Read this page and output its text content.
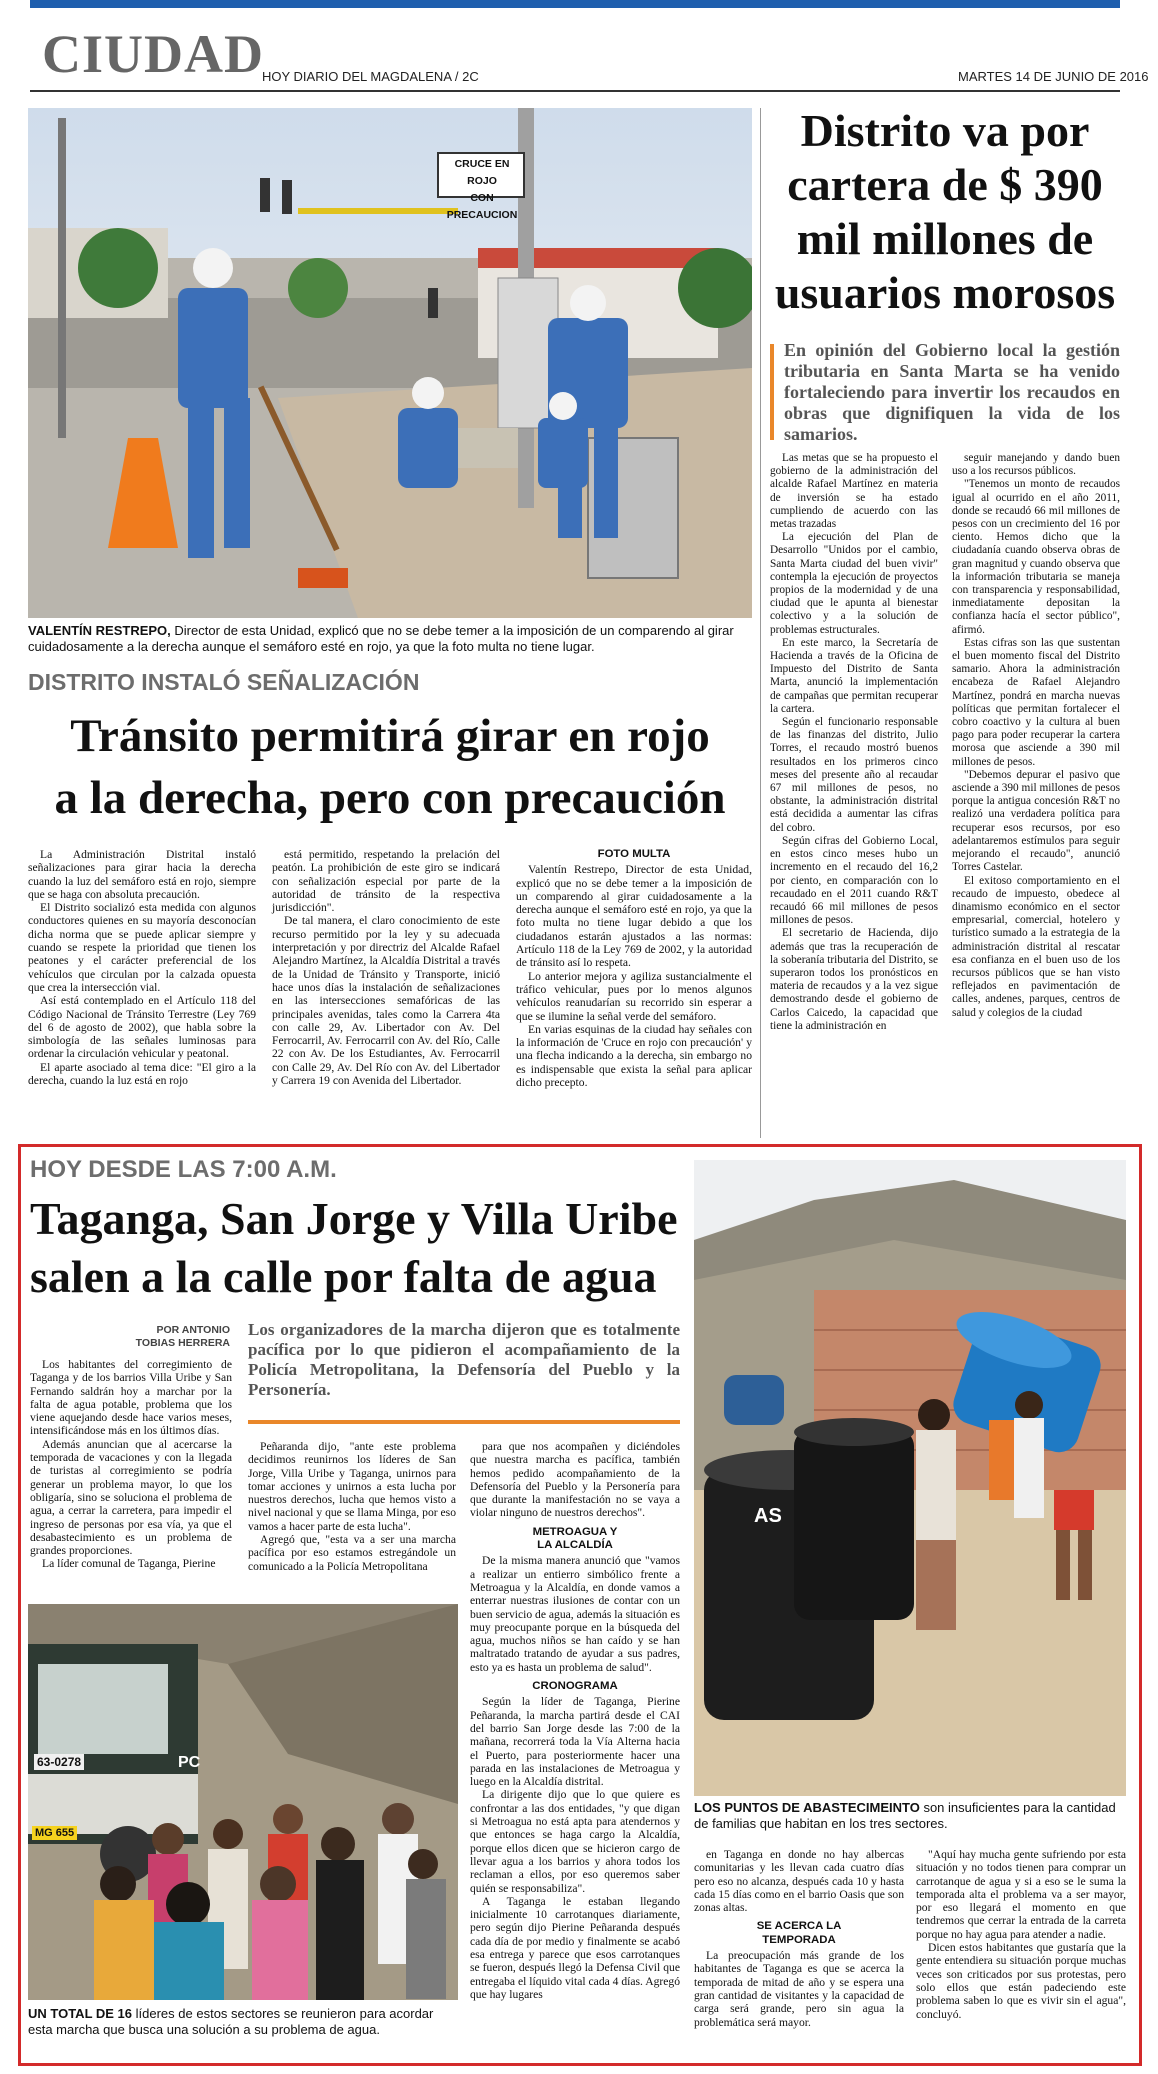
CIUDAD
HOY DIARIO DEL MAGDALENA / 2C	MARTES 14 DE JUNIO DE 2016
CRUCE EN ROJO
CON PRECAUCION
VALENTÍN RESTREPO, Director de esta Unidad, explicó que no se debe temer a la imposición de un comparendo al girar cuidadosamente a la derecha aunque el semáforo esté en rojo, ya que la foto multa no tiene lugar.
DISTRITO INSTALÓ SEÑALIZACIÓN
Tránsito permitirá girar en rojo
a la derecha, pero con precaución

La Administración Distrital instaló señalizaciones para girar hacia la derecha cuando la luz del semáforo está en rojo, siempre que se haga con absoluta precaución.

El Distrito socializó esta medida con algunos conductores quienes en su mayoría desconocían dicha norma que se puede aplicar siempre y cuando se respete la prioridad que tienen los peatones y el carácter preferencial de los vehículos que circulan por la calzada opuesta que crea la intersección vial.

Así está contemplado en el Artículo 118 del Código Nacional de Tránsito Terrestre (Ley 769 del 6 de agosto de 2002), que habla sobre la simbología de las señales luminosas para ordenar la circulación vehicular y peatonal.

El aparte asociado al tema dice: "El giro a la derecha, cuando la luz está en rojo

está permitido, respetando la prelación del peatón. La prohibición de este giro se indicará con señalización especial por parte de la autoridad de tránsito de la respectiva jurisdicción".

De tal manera, el claro conocimiento de este recurso permitido por la ley y su adecuada interpretación y por directriz del Alcalde Rafael Alejandro Martínez, la Alcaldía Distrital a través de la Unidad de Tránsito y Transporte, inició hace unos días la instalación de señalizaciones en las intersecciones semafóricas de las principales avenidas, tales como la Carrera 4ta con calle 29, Av. Libertador con Av. Del Ferrocarril, Av. Ferrocarril con Av. del Río, Calle 22 con Av. De los Estudiantes, Av. Ferrocarril con Calle 29, Av. Del Río con Av. del Libertador y Carrera 19 con Avenida del Libertador.

FOTO MULTA

Valentín Restrepo, Director de esta Unidad, explicó que no se debe temer a la imposición de un comparendo al girar cuidadosamente a la derecha aunque el semáforo esté en rojo, ya que la foto multa no tiene lugar debido a que los ciudadanos estarán ajustados a las normas: Artículo 118 de la Ley 769 de 2002, y la autoridad de tránsito así lo respeta.

Lo anterior mejora y agiliza sustancialmente el tráfico vehicular, pues por lo menos algunos vehículos reanudarían su recorrido sin esperar a que se ilumine la señal verde del semáforo.

En varias esquinas de la ciudad hay señales con la información de 'Cruce en rojo con precaución' y una flecha indicando a la derecha, sin embargo no es indispensable que exista la señal para aplicar dicho precepto.

Distrito va por
cartera de $ 390
mil millones de
usuarios morosos
En opinión del Gobierno local la gestión tributaria en Santa Marta se ha venido fortaleciendo para invertir los recaudos en obras que dignifiquen la vida de los samarios.

Las metas que se ha propuesto el gobierno de la administración del alcalde Rafael Martínez en materia de inversión se ha estado cumpliendo de acuerdo con las metas trazadas

La ejecución del Plan de Desarrollo "Unidos por el cambio, Santa Marta ciudad del buen vivir" contempla la ejecución de proyectos propios de la modernidad y de una ciudad que le apunta al bienestar colectivo y a la solución de problemas estructurales.

En este marco, la Secretaría de Hacienda a través de la Oficina de Impuesto del Distrito de Santa Marta, anunció la implementación de campañas que permitan recuperar la cartera.

Según el funcionario responsable de las finanzas del distrito, Julio Torres, el recaudo mostró buenos resultados en los primeros cinco meses del presente año al recaudar 67 mil millones de pesos, no obstante, la administración distrital está decidida a aumentar las cifras del cobro.

Según cifras del Gobierno Local, en estos cinco meses hubo un incremento en el recaudo del 16,2 por ciento, en comparación con lo recaudado en el 2011 cuando R&T recaudó 66 mil millones de pesos millones de pesos.

El secretario de Hacienda, dijo además que tras la recuperación de la soberanía tributaria del Distrito, se superaron todos los pronósticos en materia de recaudos y a la vez sigue demostrando desde el gobierno de Carlos Caicedo, la capacidad que tiene la administración en

seguir manejando y dando buen uso a los recursos públicos.

"Tenemos un monto de recaudos igual al ocurrido en el año 2011, donde se recaudó 66 mil millones de pesos con un crecimiento del 16 por ciento. Hemos dicho que la ciudadanía cuando observa obras de gran magnitud y cuando observa que la información tributaria se maneja con transparencia y responsabilidad, inmediatamente depositan la confianza hacía el sector público", afirmó.

Estas cifras son las que sustentan el buen momento fiscal del Distrito samario. Ahora la administración encabeza de Rafael Alejandro Martínez, pondrá en marcha nuevas políticas que permitan fortalecer el cobro coactivo y la cultura al buen pago para poder recuperar la cartera morosa que asciende a 390 mil millones de pesos.

"Debemos depurar el pasivo que asciende a 390 mil millones de pesos porque la antigua concesión R&T no realizó una verdadera política para recuperar esos recursos, por eso adelantaremos estímulos para seguir mejorando el recaudo", anunció Torres Castelar.

El exitoso comportamiento en el recaudo de impuesto, obedece al dinamismo económico en el sector empresarial, comercial, hotelero y turístico sumado a la estrategia de la administración distrital al rescatar esa confianza en el buen uso de los recursos públicos que se han visto reflejados en pavimentación de calles, andenes, parques, centros de salud y colegios de la ciudad

HOY DESDE LAS 7:00 A.M.
Taganga, San Jorge y Villa Uribe
salen a la calle por falta de agua
POR ANTONIO
TOBIAS HERRERA
Los organizadores de la marcha dijeron que es totalmente pacífica por lo que pidieron el acompañamiento de la Policía Metropolitana, la Defensoría del Pueblo y la Personería.

Los habitantes del corregimiento de Taganga y de los barrios Villa Uribe y San Fernando saldrán hoy a marchar por la falta de agua potable, problema que los viene aquejando desde hace varios meses, intensificándose más en los últimos días.

Además anuncian que al acercarse la temporada de vacaciones y con la llegada de turistas al corregimiento se podría generar un problema mayor, lo que los obligaría, sino se soluciona el problema de agua, a cerrar la carretera, para impedir el ingreso de personas por esa vía, ya que el desabastecimiento es un problema de grandes proporciones.

La líder comunal de Taganga, Pierine

Peñaranda dijo, "ante este problema decidimos reunirnos los líderes de San Jorge, Villa Uribe y Taganga, unirnos para tomar acciones y unirnos a esta lucha por nuestros derechos, lucha que hemos visto a nivel nacional y que se llama Minga, por eso vamos a hacer parte de esta lucha".

Agregó que, "esta va a ser una marcha pacífica por eso estamos estregándole un comunicado a la Policía Metropolitana

para que nos acompañen y diciéndoles que nuestra marcha es pacífica, también hemos pedido acompañamiento de la Defensoría del Pueblo y la Personería para que durante la manifestación no se vaya a violar ninguno de nuestros derechos".

METROAGUA Y
LA ALCALDÍA

De la misma manera anunció que "vamos a realizar un entierro simbólico frente a Metroagua y la Alcaldía, en donde vamos a enterrar nuestras ilusiones de contar con un buen servicio de agua, además la situación es muy preocupante porque en la búsqueda del agua, muchos niños se han caído y se han maltratado tratando de ayudar a sus padres, esto ya es hasta un problema de salud".

CRONOGRAMA

Según la líder de Taganga, Pierine Peñaranda, la marcha partirá desde el CAI del barrio San Jorge desde las 7:00 de la mañana, recorrerá toda la Vía Alterna hacia el Puerto, para posteriormente hacer una parada en las instalaciones de Metroagua y luego en la Alcaldía distrital.

La dirigente dijo que lo que quiere es confrontar a las dos entidades, "y que digan si Metroagua no está apta para atendernos y que entonces se haga cargo la Alcaldía, porque ellos dicen que se hicieron cargo de llevar agua a los barrios y ahora todos los reclaman a ellos, por eso queremos saber quién se responsabiliza".

A Taganga le estaban llegando inicialmente 10 carrotanques diariamente, pero según dijo Pierine Peñaranda después cada día de por medio y finalmente se acabó esa entrega y parece que esos carrotanques se fueron, después llegó la Defensa Civil que entregaba el líquido vital cada 4 días. Agregó que hay lugares

63-0278
MG 655
PC
UN TOTAL DE 16 líderes de estos sectores se reunieron para acordar esta marcha que busca una solución a su problema de agua.
AS
LOS PUNTOS DE ABASTECIMEINTO son insuficientes para la cantidad de familias que habitan en los tres sectores.

en Taganga en donde no hay albercas comunitarias y les llevan cada cuatro días pero eso no alcanza, después cada 10 y hasta cada 15 días como en el barrio Oasis que son zonas altas.

SE ACERCA LA
TEMPORADA

La preocupación más grande de los habitantes de Taganga es que se acerca la temporada de mitad de año y se espera una gran cantidad de visitantes y la capacidad de carga será grande, pero sin agua la problemática será mayor.

"Aquí hay mucha gente sufriendo por esta situación y no todos tienen para comprar un carrotanque de agua y si a eso se le suma la temporada alta el problema va a ser mayor, por eso llegará el momento en que tendremos que cerrar la entrada de la carreta porque no hay agua para atender a nadie.

Dicen estos habitantes que gustaría que la gente entendiera su situación porque muchas veces son criticados por sus protestas, pero solo ellos que están padeciendo este problema saben lo que es vivir sin el agua", concluyó.
